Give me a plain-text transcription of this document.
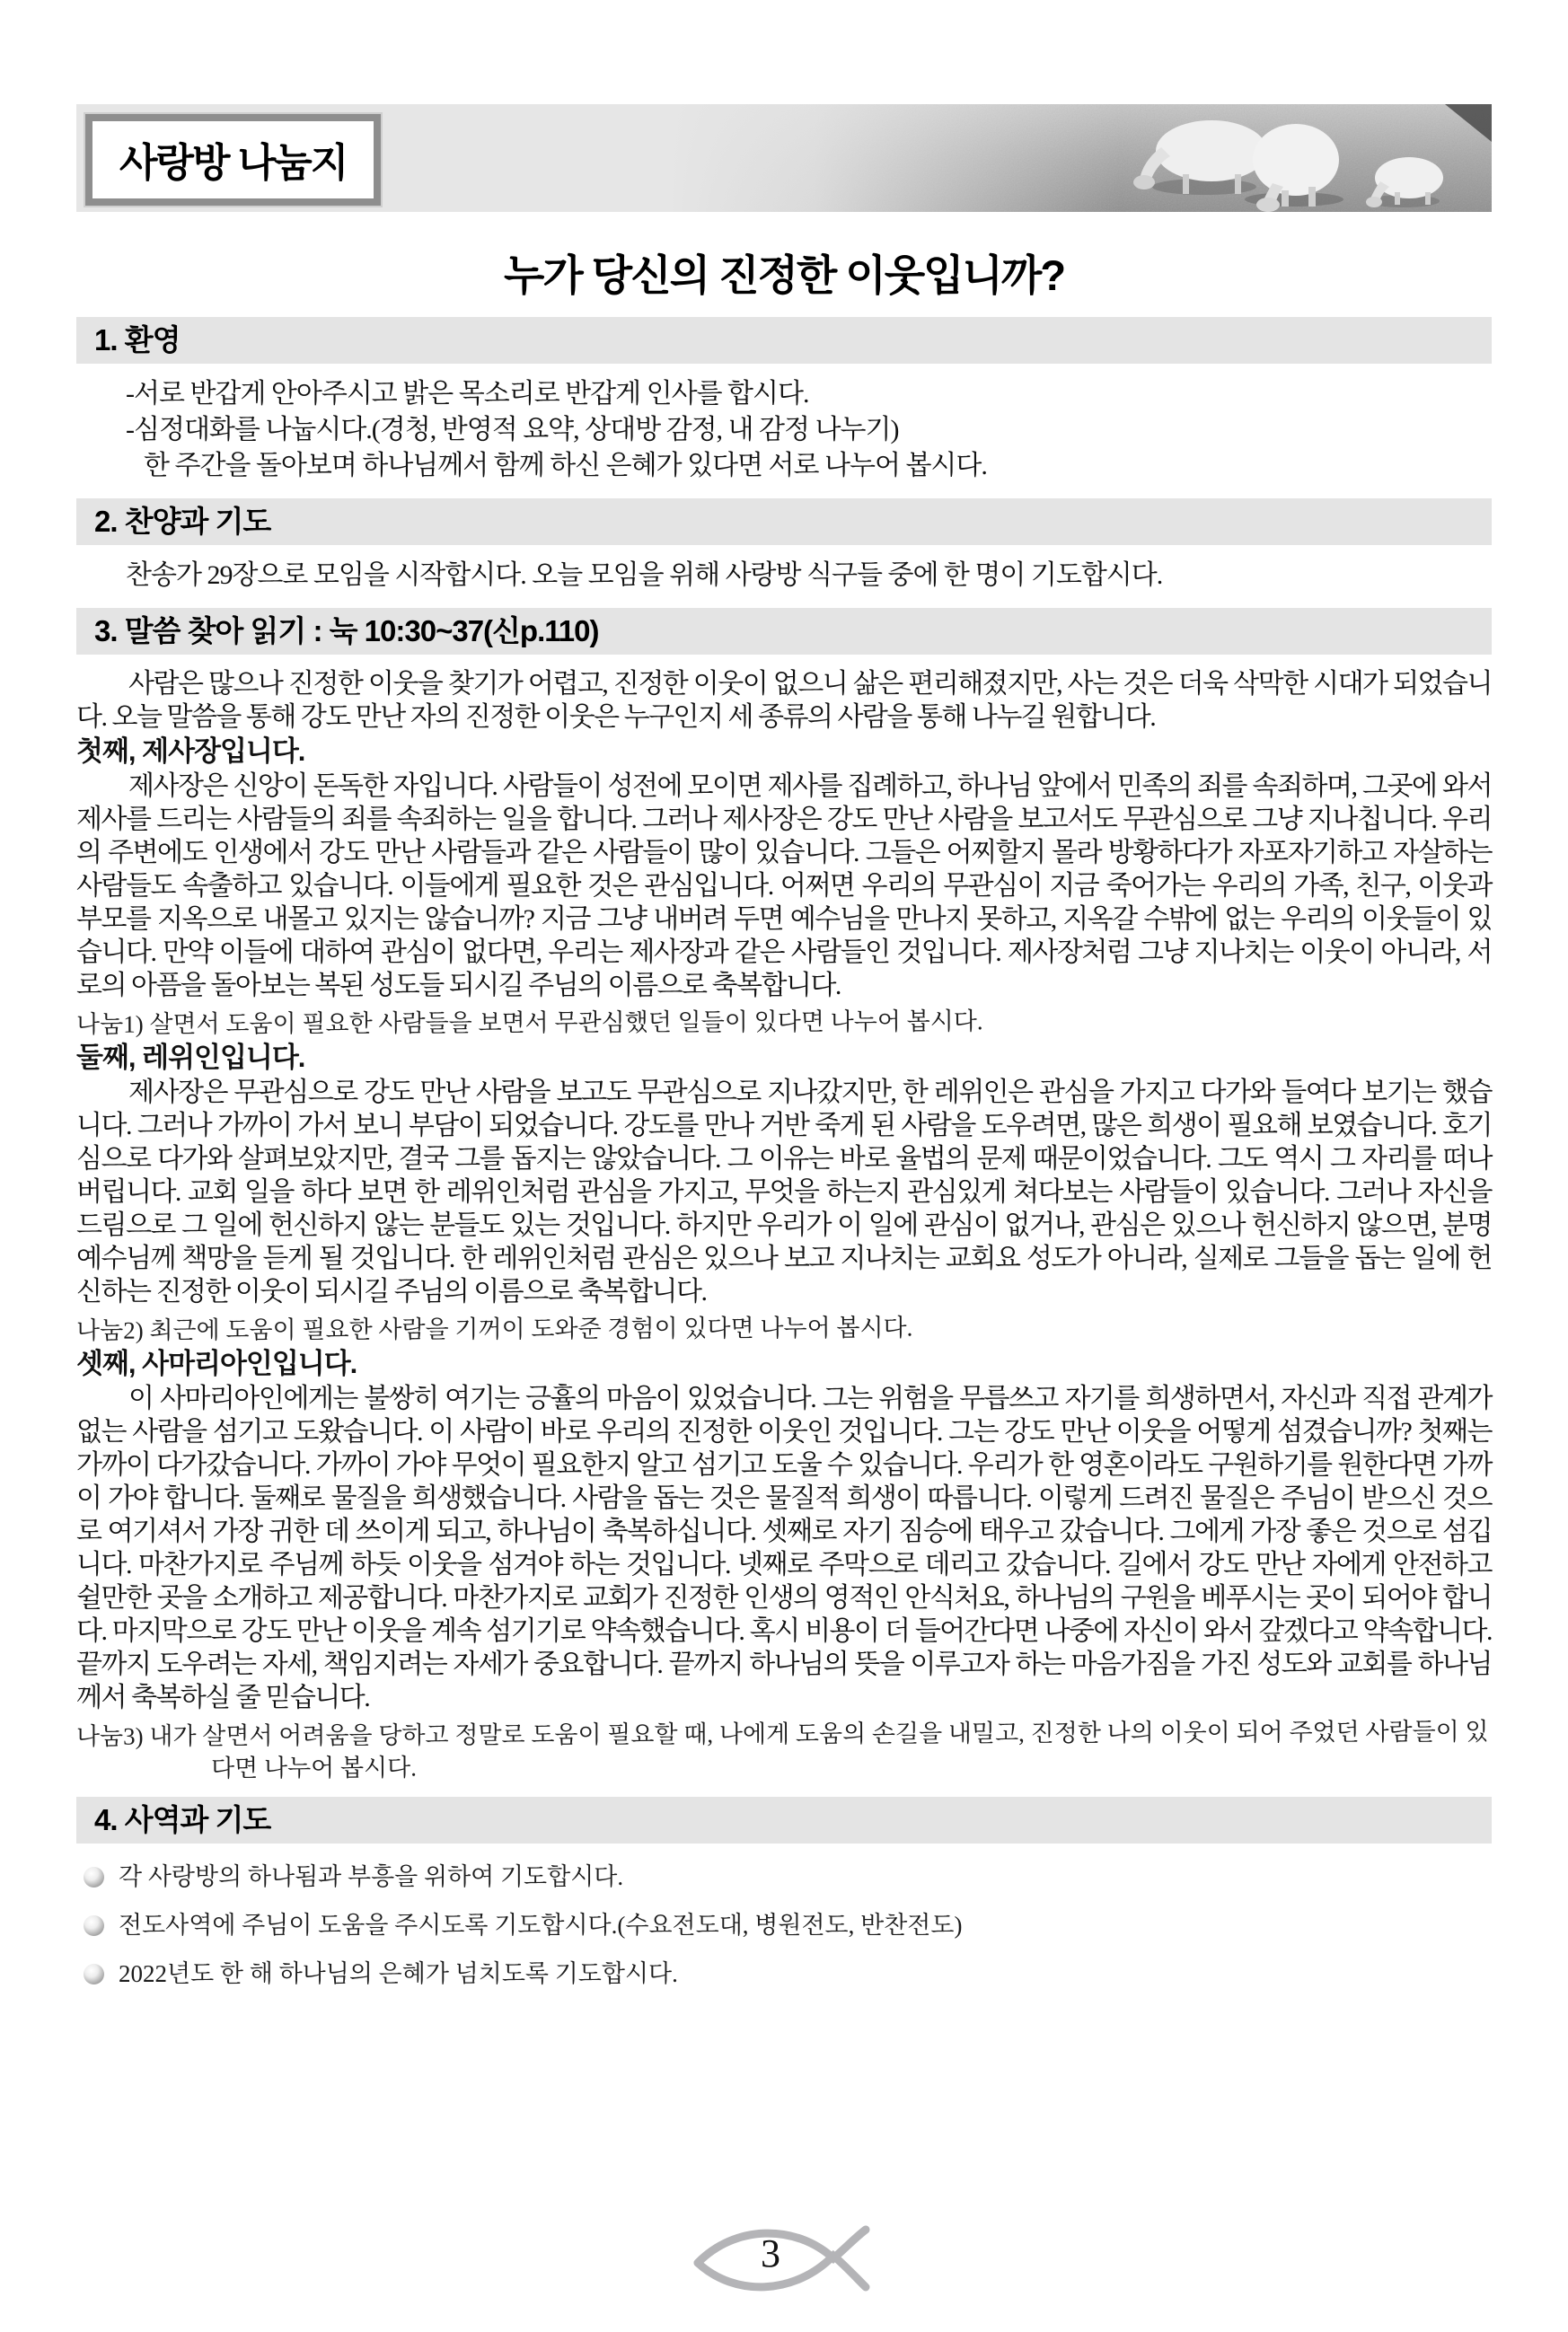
사랑방 나눔지
누가 당신의 진정한 이웃입니까?
1. 환영

-서로 반갑게 안아주시고 밝은 목소리로 반갑게 인사를 합시다.

-심정대화를 나눕시다.(경청, 반영적 요약, 상대방 감정, 내 감정 나누기)

한 주간을 돌아보며 하나님께서 함께 하신 은혜가 있다면 서로 나누어 봅시다.

2. 찬양과 기도

찬송가 29장으로 모임을 시작합시다. 오늘 모임을 위해 사랑방 식구들 중에 한 명이 기도합시다.

3. 말씀 찾아 읽기 : 눅 10:30~37(신p.110)

사람은 많으나 진정한 이웃을 찾기가 어렵고, 진정한 이웃이 없으니 삶은 편리해졌지만, 사는 것은 더욱 삭막한 시대가 되었습니다. 오늘 말씀을 통해 강도 만난 자의 진정한 이웃은 누구인지 세 종류의 사람을 통해 나누길 원합니다.

첫째, 제사장입니다.

제사장은 신앙이 돈독한 자입니다. 사람들이 성전에 모이면 제사를 집례하고, 하나님 앞에서 민족의 죄를 속죄하며, 그곳에 와서 제사를 드리는 사람들의 죄를 속죄하는 일을 합니다. 그러나 제사장은 강도 만난 사람을 보고서도 무관심으로 그냥 지나칩니다. 우리의 주변에도 인생에서 강도 만난 사람들과 같은 사람들이 많이 있습니다. 그들은 어찌할지 몰라 방황하다가 자포자기하고 자살하는 사람들도 속출하고 있습니다. 이들에게 필요한 것은 관심입니다. 어쩌면 우리의 무관심이 지금 죽어가는 우리의 가족, 친구, 이웃과 부모를 지옥으로 내몰고 있지는 않습니까? 지금 그냥 내버려 두면 예수님을 만나지 못하고, 지옥갈 수밖에 없는 우리의 이웃들이 있습니다. 만약 이들에 대하여 관심이 없다면, 우리는 제사장과 같은 사람들인 것입니다. 제사장처럼 그냥 지나치는 이웃이 아니라, 서로의 아픔을 돌아보는 복된 성도들 되시길 주님의 이름으로 축복합니다.

나눔1) 살면서 도움이 필요한 사람들을 보면서 무관심했던 일들이 있다면 나누어 봅시다.

둘째, 레위인입니다.

제사장은 무관심으로 강도 만난 사람을 보고도 무관심으로 지나갔지만, 한 레위인은 관심을 가지고 다가와 들여다 보기는 했습니다. 그러나 가까이 가서 보니 부담이 되었습니다. 강도를 만나 거반 죽게 된 사람을 도우려면, 많은 희생이 필요해 보였습니다. 호기심으로 다가와 살펴보았지만, 결국 그를 돕지는 않았습니다. 그 이유는 바로 율법의 문제 때문이었습니다. 그도 역시 그 자리를 떠나버립니다. 교회 일을 하다 보면 한 레위인처럼 관심을 가지고, 무엇을 하는지 관심있게 쳐다보는 사람들이 있습니다. 그러나 자신을 드림으로 그 일에 헌신하지 않는 분들도 있는 것입니다. 하지만 우리가 이 일에 관심이 없거나, 관심은 있으나 헌신하지 않으면, 분명 예수님께 책망을 듣게 될 것입니다. 한 레위인처럼 관심은 있으나 보고 지나치는 교회요 성도가 아니라, 실제로 그들을 돕는 일에 헌신하는 진정한 이웃이 되시길 주님의 이름으로 축복합니다.

나눔2) 최근에 도움이 필요한 사람을 기꺼이 도와준 경험이 있다면 나누어 봅시다.

셋째, 사마리아인입니다.

이 사마리아인에게는 불쌍히 여기는 긍휼의 마음이 있었습니다. 그는 위험을 무릅쓰고 자기를 희생하면서, 자신과 직접 관계가 없는 사람을 섬기고 도왔습니다. 이 사람이 바로 우리의 진정한 이웃인 것입니다. 그는 강도 만난 이웃을 어떻게 섬겼습니까? 첫째는 가까이 다가갔습니다. 가까이 가야 무엇이 필요한지 알고 섬기고 도울 수 있습니다. 우리가 한 영혼이라도 구원하기를 원한다면 가까이 가야 합니다. 둘째로 물질을 희생했습니다. 사람을 돕는 것은 물질적 희생이 따릅니다. 이렇게 드려진 물질은 주님이 받으신 것으로 여기셔서 가장 귀한 데 쓰이게 되고, 하나님이 축복하십니다. 셋째로 자기 짐승에 태우고 갔습니다. 그에게 가장 좋은 것으로 섬깁니다. 마찬가지로 주님께 하듯 이웃을 섬겨야 하는 것입니다. 넷째로 주막으로 데리고 갔습니다. 길에서 강도 만난 자에게 안전하고 쉴만한 곳을 소개하고 제공합니다. 마찬가지로 교회가 진정한 인생의 영적인 안식처요, 하나님의 구원을 베푸시는 곳이 되어야 합니다. 마지막으로 강도 만난 이웃을 계속 섬기기로 약속했습니다. 혹시 비용이 더 들어간다면 나중에 자신이 와서 갚겠다고 약속합니다. 끝까지 도우려는 자세, 책임지려는 자세가 중요합니다. 끝까지 하나님의 뜻을 이루고자 하는 마음가짐을 가진 성도와 교회를 하나님께서 축복하실 줄 믿습니다.

나눔3) 내가 살면서 어려움을 당하고 정말로 도움이 필요할 때, 나에게 도움의 손길을 내밀고, 진정한 나의 이웃이 되어 주었던 사람들이 있다면 나누어 봅시다.

4. 사역과 기도
각 사랑방의 하나됨과 부흥을 위하여 기도합시다.
전도사역에 주님이 도움을 주시도록 기도합시다.(수요전도대, 병원전도, 반찬전도)
2022년도 한 해 하나님의 은혜가 넘치도록 기도합시다.
3
